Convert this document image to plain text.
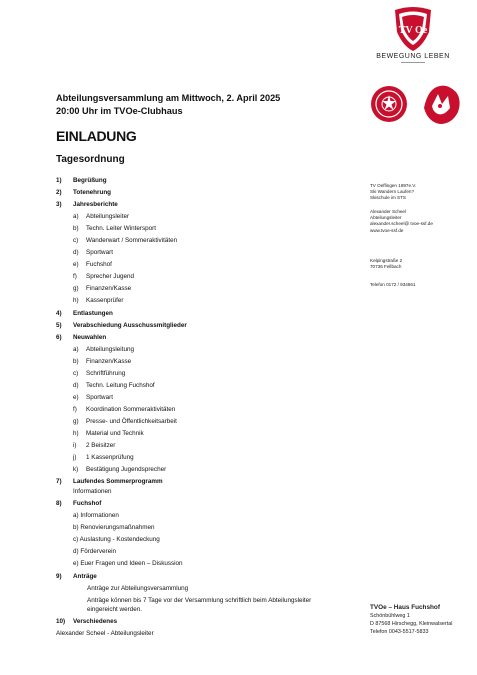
TV Oe
BEWEGUNG LEBEN
Abteilungsversammlung am Mittwoch, 2. April 2025
20:00 Uhr im TVOe-Clubhaus
EINLADUNG
Tagesordnung
1) Begrüßung
2) Totenehrung
3) Jahresberichte
a)	Abteilungsleiter
b)	Techn. Leiter Wintersport
c)	Wanderwart / Sommeraktivitäten
d)	Sportwart
e)	Fuchshof
f)	Sprecher Jugend
g)	Finanzen/Kasse
h)	Kassenprüfer
4) Entlastungen
5) Verabschiedung Ausschussmitglieder
6) Neuwahlen
a)	Abteilungsleitung
b)	Finanzen/Kasse
c)	Schriftführung
d)	Techn. Leitung Fuchshof
e)	Sportwart
f)	Koordination Sommeraktivitäten
g)	Presse- und Öffentlichkeitsarbeit
h)	Material und Technik
i)	2 Beisitzer
j)	1 Kassenprüfung
k)	Bestätigung Jugendsprecher
7) Laufendes Sommerprogramm
Informationen
8) Fuchshof
a) Informationen
b) Renovierungsmaßnahmen
c) Auslastung - Kostendeckung
d) Förderverein
e) Euer Fragen und Ideen – Diskussion
9) Anträge
Anträge zur Abteilungsversammlung
Anträge können bis 7 Tage vor der Versammlung schriftlich beim Abteilungsleiter
eingereicht werden.
10) Verschiedenes
Alexander Scheel - Abteilungsleiter
TV Oeffingen 1897e.V.
Ski Wandern Laufen?
Skischule im STS
Alexander Scheel
Abteilungsleiter
alexander.scheel@ tvoe-ssf.de
www.tvoe-ssf.de
Kelpingstraße 2
70736 Fellbach
Telefon 0172 / 934661
TVOe – Haus Fuchshof
Schönbühlweg 1
D 87568 Hirschegg, Kleinwalsertal
Telefon 0043-5517-5833
